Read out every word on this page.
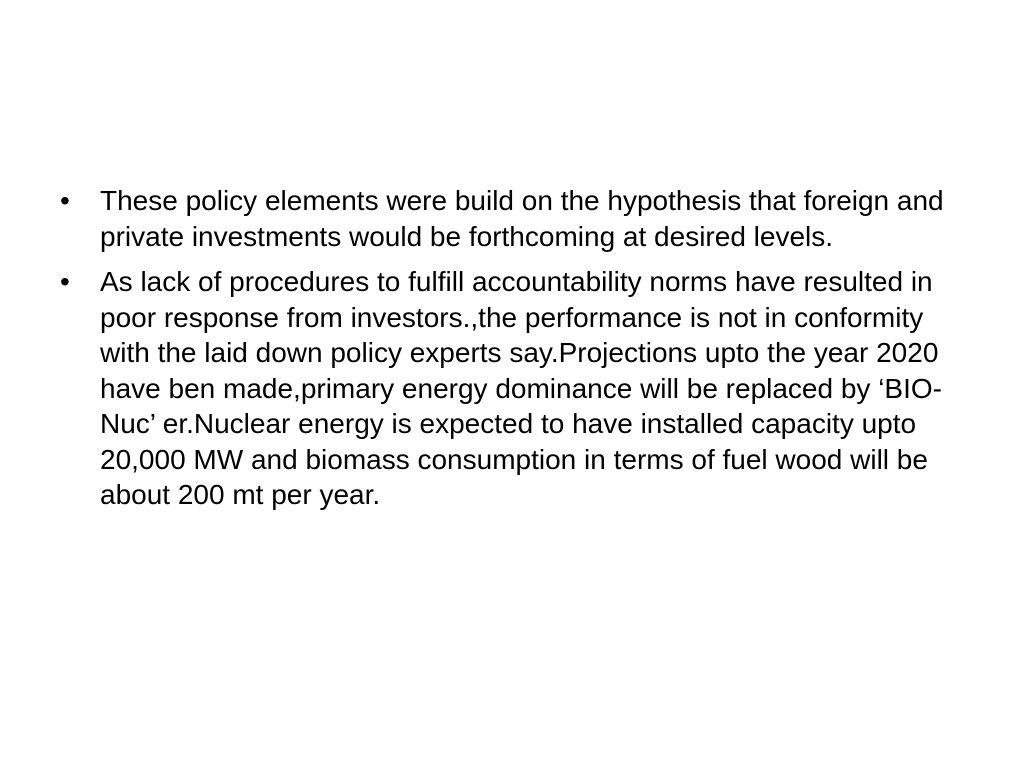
• These policy elements were build on the hypothesis that foreign and private investments would be forthcoming at desired levels.
• As lack of procedures to fulfill accountability norms have resulted in poor response from investors.,the performance is not in conformity with the laid down policy experts say.Projections upto the year 2020 have ben made,primary energy dominance will be replaced by ‘BIO-Nuc’ er.Nuclear energy is expected to have installed capacity upto 20,000 MW and biomass consumption in terms of fuel wood will be about 200 mt per year.
